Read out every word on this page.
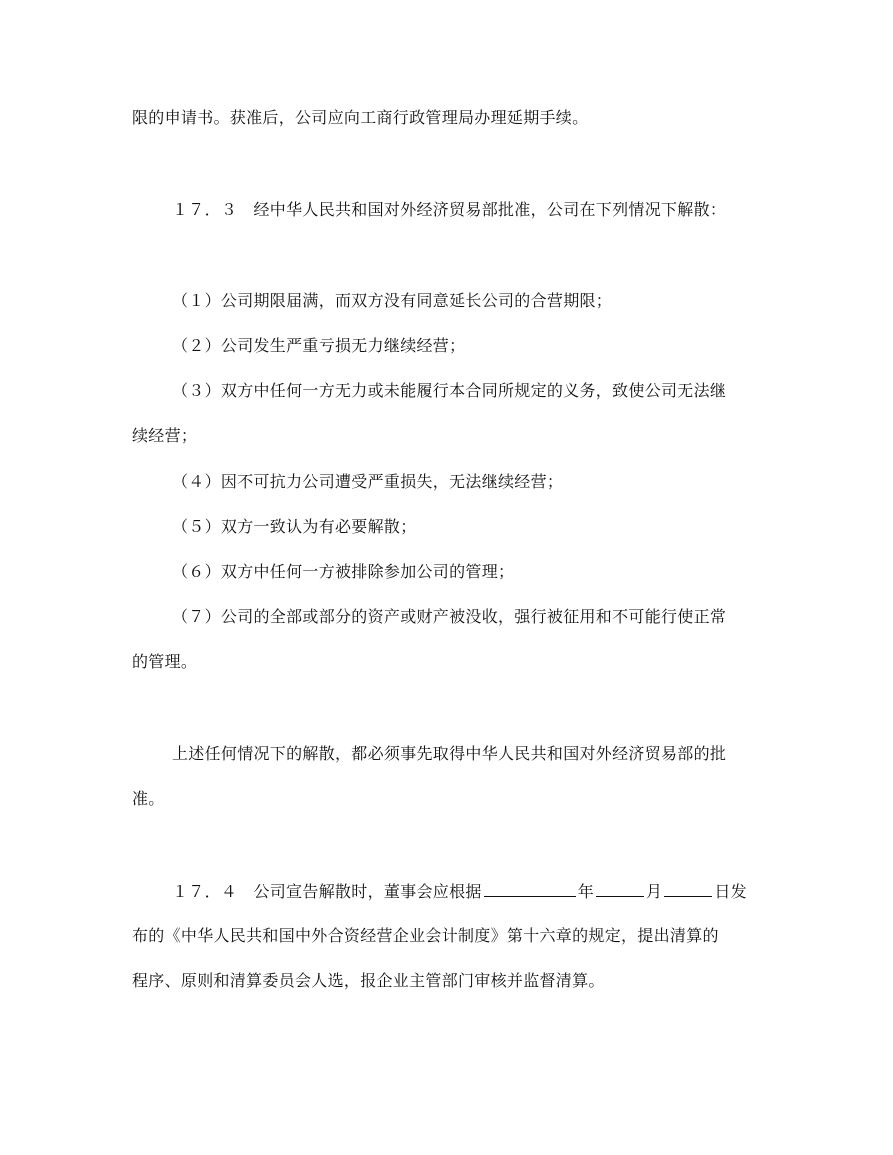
限的申请书。获准后，公司应向工商行政管理局办理延期手续。
１７．３　经中华人民共和国对外经济贸易部批准，公司在下列情况下解散：
（１）公司期限届满，而双方没有同意延长公司的合营期限；
（２）公司发生严重亏损无力继续经营；
（３）双方中任何一方无力或未能履行本合同所规定的义务，致使公司无法继
续经营；
（４）因不可抗力公司遭受严重损失，无法继续经营；
（５）双方一致认为有必要解散；
（６）双方中任何一方被排除参加公司的管理；
（７）公司的全部或部分的资产或财产被没收，强行被征用和不可能行使正常
的管理。
上述任何情况下的解散，都必须事先取得中华人民共和国对外经济贸易部的批
准。
１７．４　公司宣告解散时，董事会应根据	年	月	日发
布的《中华人民共和国中外合资经营企业会计制度》第十六章的规定，提出清算的
程序、原则和清算委员会人选，报企业主管部门审核并监督清算。
